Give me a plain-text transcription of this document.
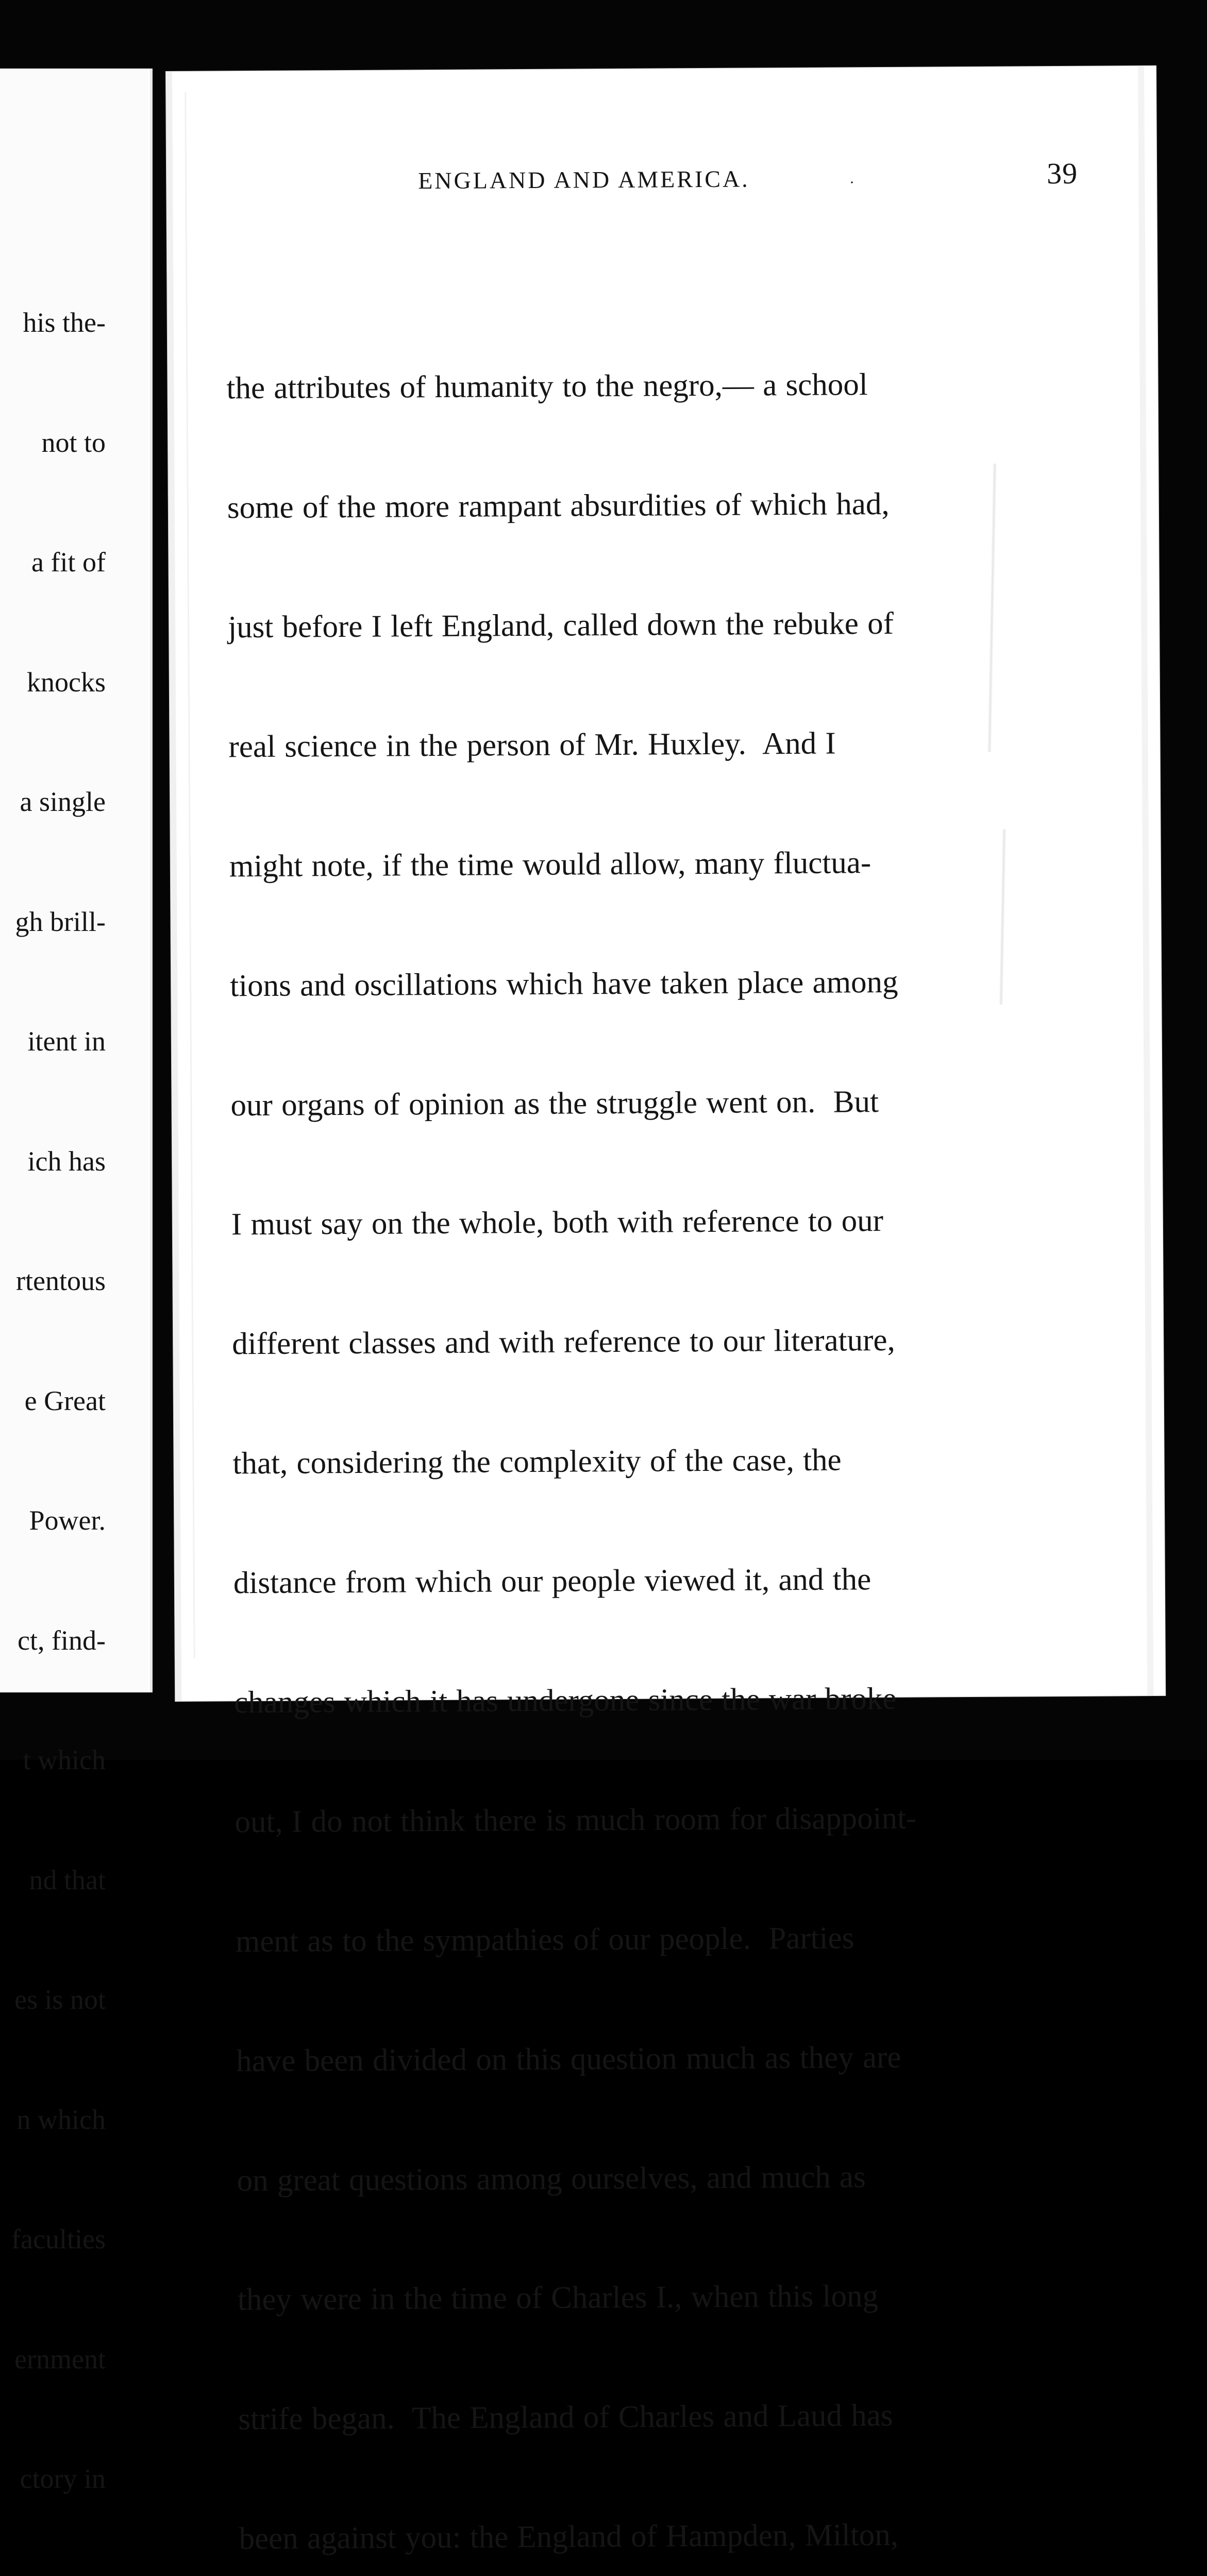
his the-

not to

a fit of

knocks

a single

gh brill-

itent in

ich has

rtentous

e Great

Power.

ct, find-

t which

nd that

es is not

n which

faculties

ernment

ctory in

ENGLAND AND AMERICA.	.	39

the attributes of humanity to the negro,— a school

some of the more rampant absurdities of which had,

just before I left England, called down the rebuke of

real science in the person of Mr. Huxley.  And I

might note, if the time would allow, many fluctua-

tions and oscillations which have taken place among

our organs of opinion as the struggle went on.  But

I must say on the whole, both with reference to our

different classes and with reference to our literature,

that, considering the complexity of the case, the

distance from which our people viewed it, and the

changes which it has undergone since the war broke

out, I do not think there is much room for disappoint-

ment as to the sympathies of our people.  Parties

have been divided on this question much as they are

on great questions among ourselves, and much as

they were in the time of Charles I., when this long

strife began.  The England of Charles and Laud has

been against you: the England of Hampden, Milton,
